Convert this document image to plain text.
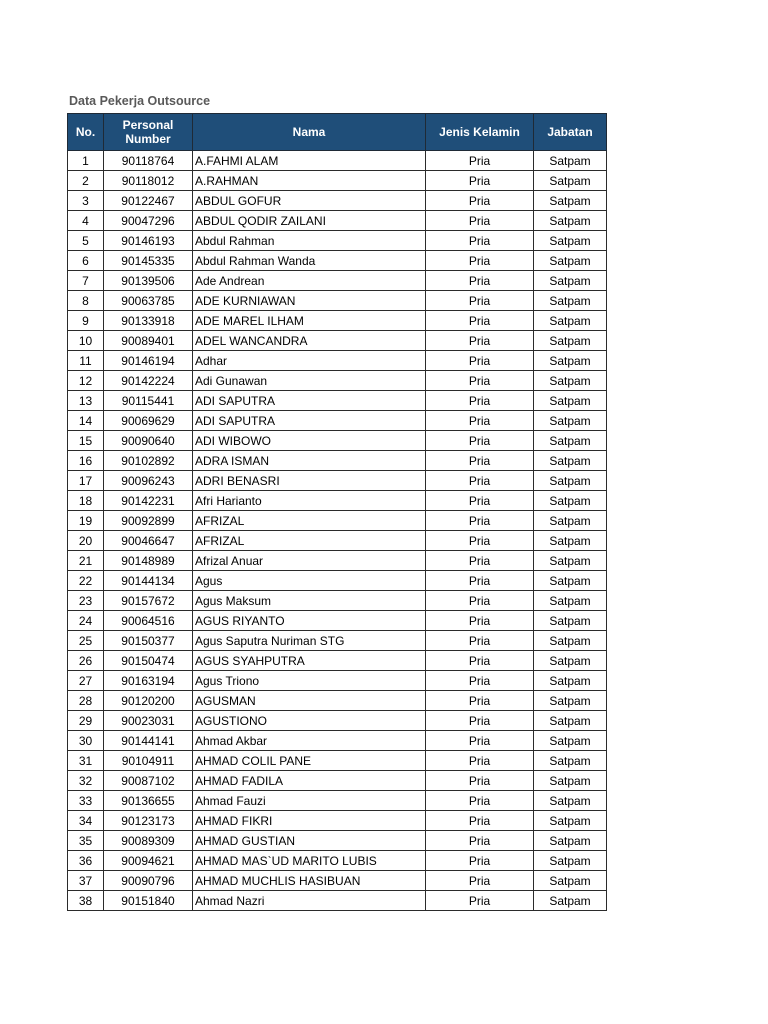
Data Pekerja Outsource
No.	Personal Number	Nama	Jenis Kelamin	Jabatan
1	90118764	A.FAHMI ALAM	Pria	Satpam
2	90118012	A.RAHMAN	Pria	Satpam
3	90122467	ABDUL GOFUR	Pria	Satpam
4	90047296	ABDUL QODIR ZAILANI	Pria	Satpam
5	90146193	Abdul Rahman	Pria	Satpam
6	90145335	Abdul Rahman Wanda	Pria	Satpam
7	90139506	Ade Andrean	Pria	Satpam
8	90063785	ADE KURNIAWAN	Pria	Satpam
9	90133918	ADE MAREL ILHAM	Pria	Satpam
10	90089401	ADEL WANCANDRA	Pria	Satpam
11	90146194	Adhar	Pria	Satpam
12	90142224	Adi Gunawan	Pria	Satpam
13	90115441	ADI SAPUTRA	Pria	Satpam
14	90069629	ADI SAPUTRA	Pria	Satpam
15	90090640	ADI WIBOWO	Pria	Satpam
16	90102892	ADRA ISMAN	Pria	Satpam
17	90096243	ADRI BENASRI	Pria	Satpam
18	90142231	Afri Harianto	Pria	Satpam
19	90092899	AFRIZAL	Pria	Satpam
20	90046647	AFRIZAL	Pria	Satpam
21	90148989	Afrizal Anuar	Pria	Satpam
22	90144134	Agus	Pria	Satpam
23	90157672	Agus Maksum	Pria	Satpam
24	90064516	AGUS RIYANTO	Pria	Satpam
25	90150377	Agus Saputra Nuriman STG	Pria	Satpam
26	90150474	AGUS SYAHPUTRA	Pria	Satpam
27	90163194	Agus Triono	Pria	Satpam
28	90120200	AGUSMAN	Pria	Satpam
29	90023031	AGUSTIONO	Pria	Satpam
30	90144141	Ahmad Akbar	Pria	Satpam
31	90104911	AHMAD COLIL PANE	Pria	Satpam
32	90087102	AHMAD FADILA	Pria	Satpam
33	90136655	Ahmad Fauzi	Pria	Satpam
34	90123173	AHMAD FIKRI	Pria	Satpam
35	90089309	AHMAD GUSTIAN	Pria	Satpam
36	90094621	AHMAD MAS`UD MARITO LUBIS	Pria	Satpam
37	90090796	AHMAD MUCHLIS HASIBUAN	Pria	Satpam
38	90151840	Ahmad Nazri	Pria	Satpam
